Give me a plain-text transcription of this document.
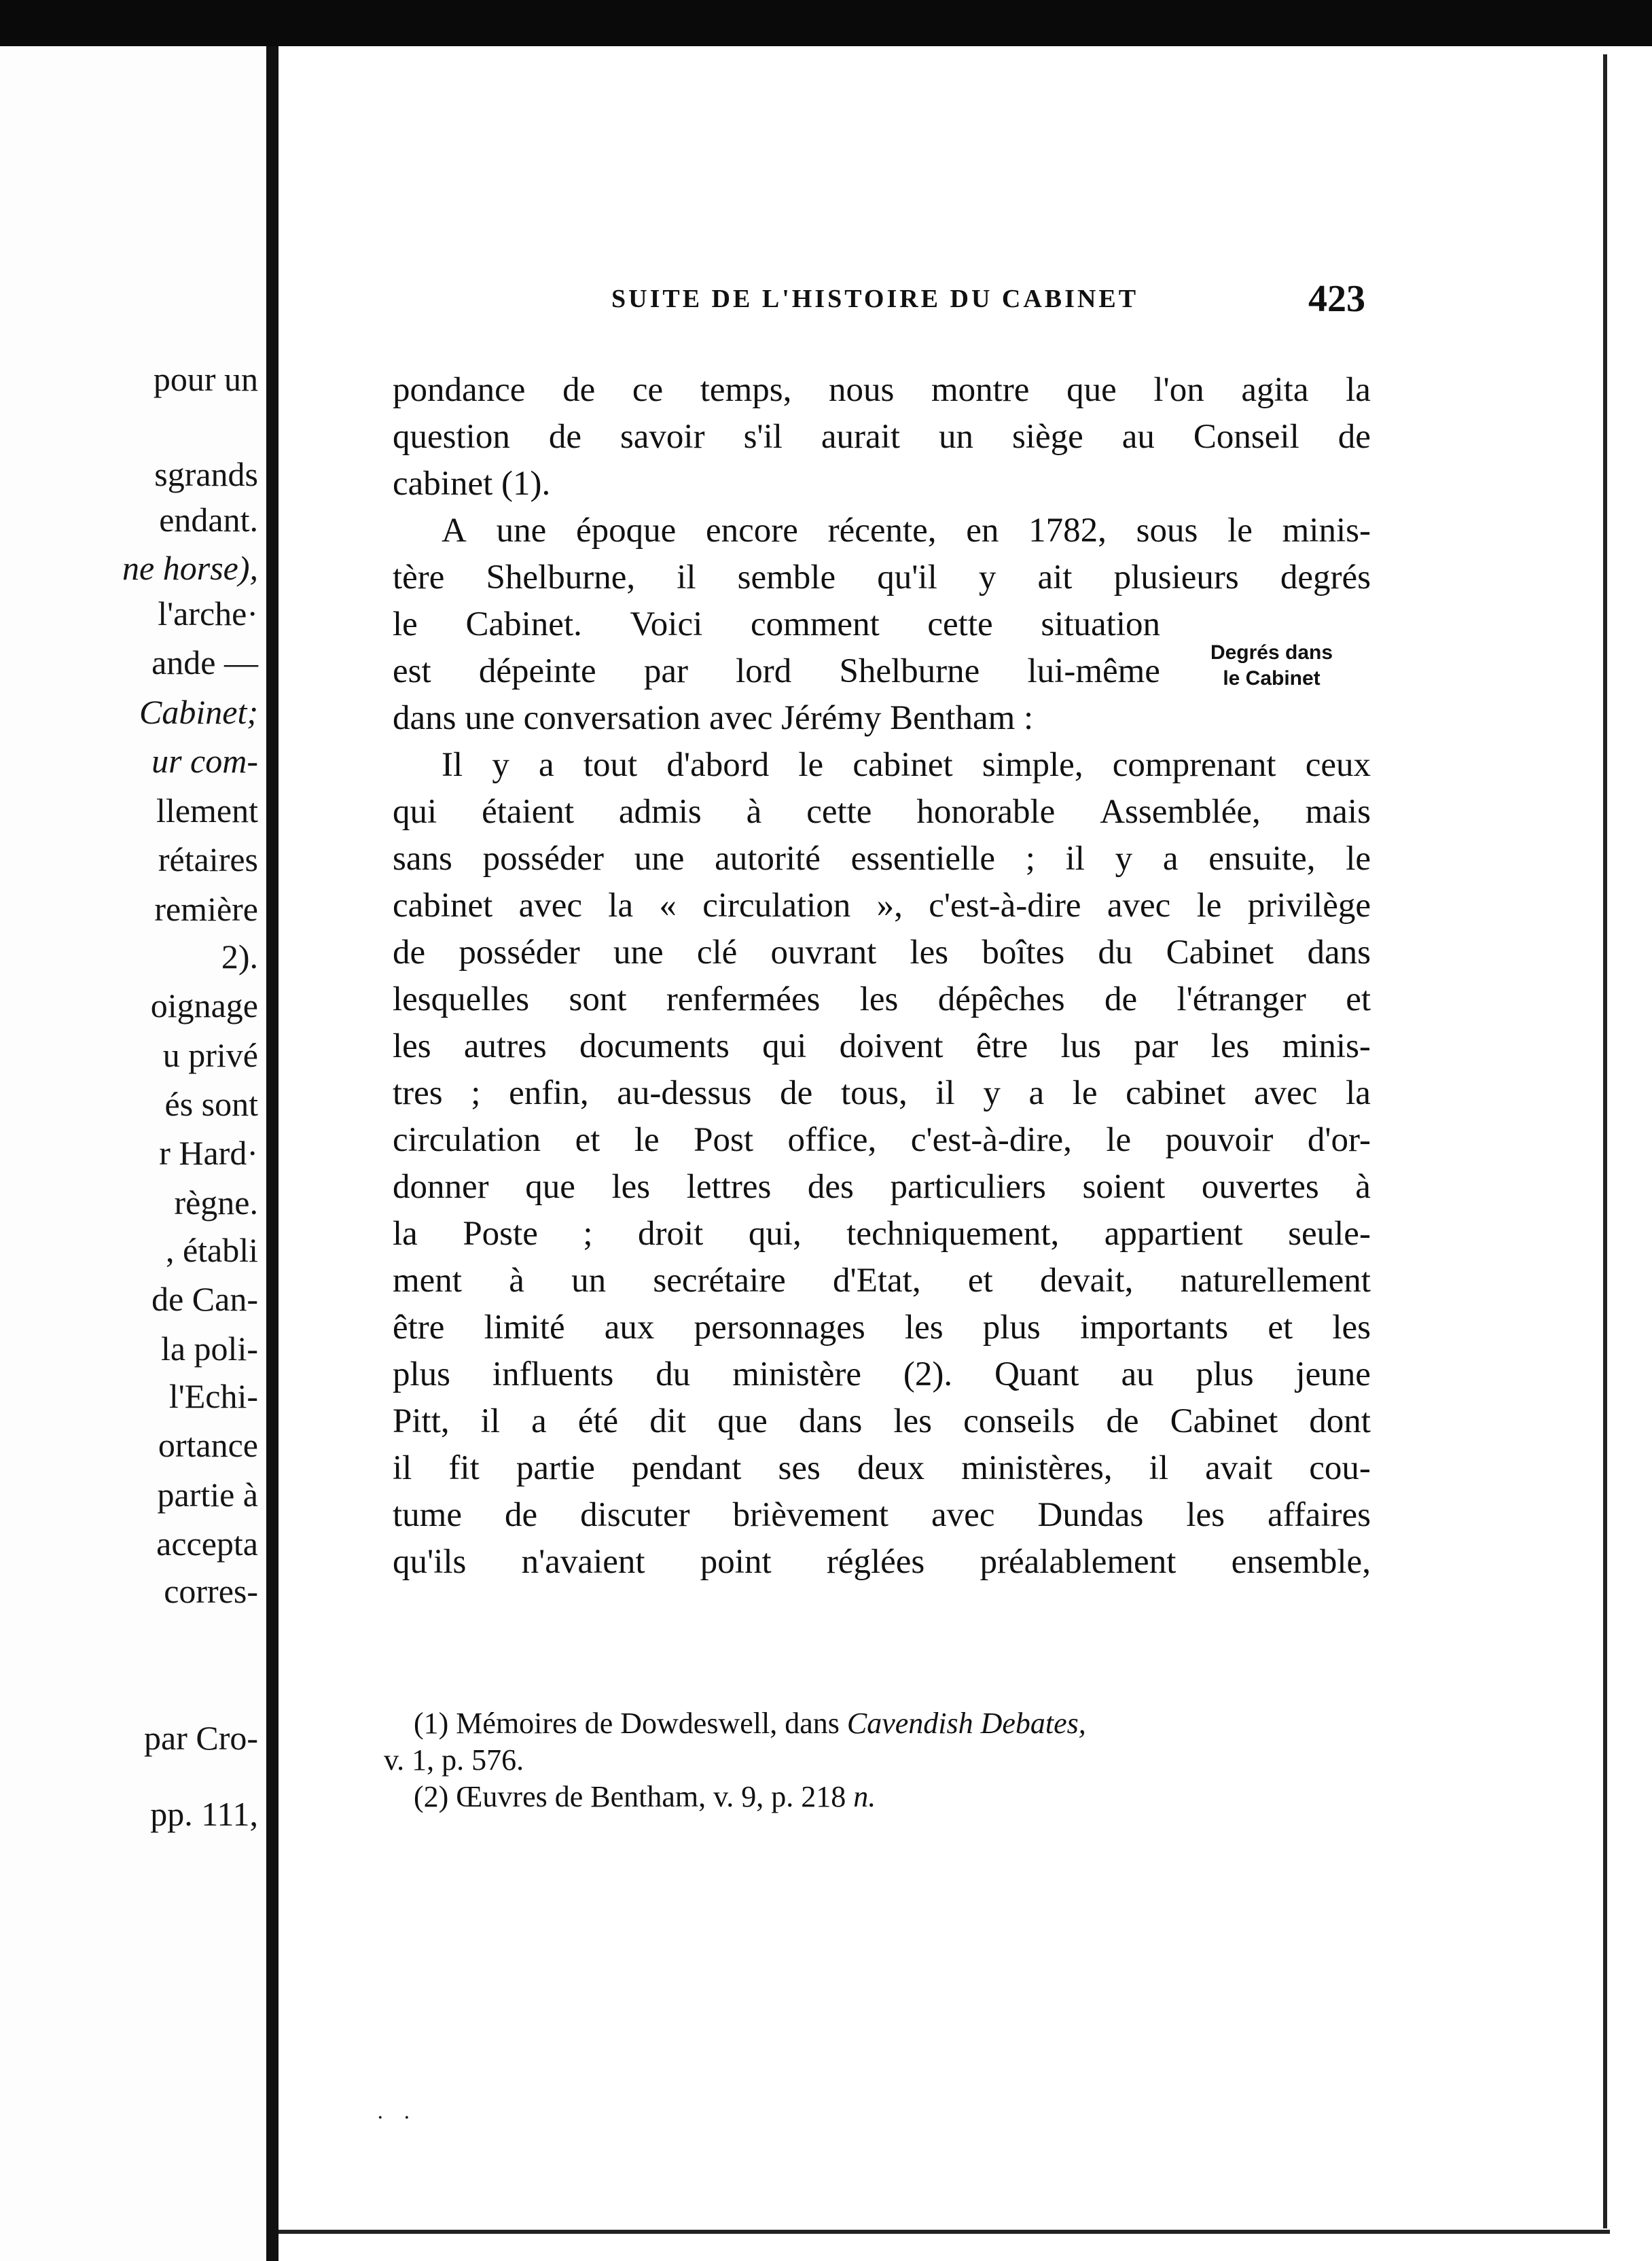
pour un
sgrands
endant.
ne horse),
l'arche·
ande —
Cabinet;
ur com-
llement
rétaires
remière
2).
oignage
u privé
és sont
r Hard·
règne.
, établi
de Can-
la poli-
l'Echi-
ortance
partie à
accepta
corres-
par Cro-
pp. 111,
SUITE DE L'HISTOIRE DU CABINET	423
Degrés dans
le Cabinet
pondance de ce temps, nous montre que l'on agita la
question de savoir s'il aurait un siège au Conseil de
cabinet (1).
A une époque encore récente, en 1782, sous le minis-
tère Shelburne, il semble qu'il y ait plusieurs degrés
le Cabinet. Voici comment cette situation
est dépeinte par lord Shelburne lui-même
dans une conversation avec Jérémy Bentham :
Il y a tout d'abord le cabinet simple, comprenant ceux
qui étaient admis à cette honorable Assemblée, mais
sans posséder une autorité essentielle ; il y a ensuite, le
cabinet avec la « circulation », c'est-à-dire avec le privilège
de posséder une clé ouvrant les boîtes du Cabinet dans
lesquelles sont renfermées les dépêches de l'étranger et
les autres documents qui doivent être lus par les minis-
tres ; enfin, au-dessus de tous, il y a le cabinet avec la
circulation et le Post office, c'est-à-dire, le pouvoir d'or-
donner que les lettres des particuliers soient ouvertes à
la Poste ; droit qui, techniquement, appartient seule-
ment à un secrétaire d'Etat, et devait, naturellement
être limité aux personnages les plus importants et les
plus influents du ministère (2). Quant au plus jeune
Pitt, il a été dit que dans les conseils de Cabinet dont
il fit partie pendant ses deux ministères, il avait cou-
tume de discuter brièvement avec Dundas les affaires
qu'ils n'avaient point réglées préalablement ensemble,
(1) Mémoires de Dowdeswell, dans Cavendish Debates,
v. 1, p. 576.
(2) Œuvres de Bentham, v. 9, p. 218 n.
· ·
